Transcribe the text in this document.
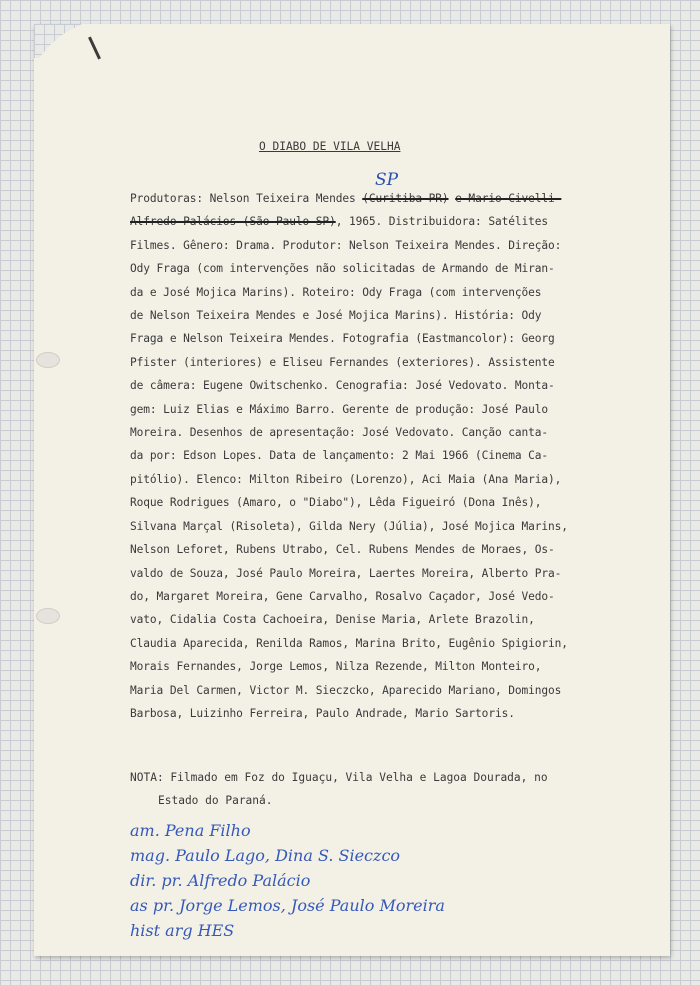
O DIABO DE VILA VELHA
SP
Produtoras: Nelson Teixeira Mendes (Curitiba-PR) e Mario Civelli-
Alfredo Palácios (São Paulo-SP), 1965. Distribuidora: Satélites
Filmes. Gênero: Drama. Produtor: Nelson Teixeira Mendes. Direção:
Ody Fraga (com intervenções não solicitadas de Armando de Miran-
da e José Mojica Marins). Roteiro: Ody Fraga (com intervenções
de Nelson Teixeira Mendes e José Mojica Marins). História: Ody
Fraga e Nelson Teixeira Mendes. Fotografia (Eastmancolor): Georg
Pfister (interiores) e Eliseu Fernandes (exteriores). Assistente
de câmera: Eugene Owitschenko. Cenografia: José Vedovato. Monta-
gem: Luiz Elias e Máximo Barro. Gerente de produção: José Paulo
Moreira. Desenhos de apresentação: José Vedovato. Canção canta-
da por: Edson Lopes. Data de lançamento: 2 Mai 1966 (Cinema Ca-
pitólio). Elenco: Milton Ribeiro (Lorenzo), Aci Maia (Ana Maria),
Roque Rodrigues (Amaro, o "Diabo"), Lêda Figueiró (Dona Inês),
Silvana Marçal (Risoleta), Gilda Nery (Júlia), José Mojica Marins,
Nelson Leforet, Rubens Utrabo, Cel. Rubens Mendes de Moraes, Os-
valdo de Souza, José Paulo Moreira, Laertes Moreira, Alberto Pra-
do, Margaret Moreira, Gene Carvalho, Rosalvo Caçador, José Vedo-
vato, Cidalia Costa Cachoeira, Denise Maria, Arlete Brazolin,
Claudia Aparecida, Renilda Ramos, Marina Brito, Eugênio Spigiorin,
Morais Fernandes, Jorge Lemos, Nilza Rezende, Milton Monteiro,
Maria Del Carmen, Victor M. Sieczcko, Aparecido Mariano, Domingos
Barbosa, Luizinho Ferreira, Paulo Andrade, Mario Sartoris.
NOTA: Filmado em Foz do Iguaçu, Vila Velha e Lagoa Dourada, no
Estado do Paraná.
am. Pena Filho
mag. Paulo Lago, Dina S. Sieczco
dir. pr. Alfredo Palácio
as pr. Jorge Lemos, José Paulo Moreira
hist arg HES
